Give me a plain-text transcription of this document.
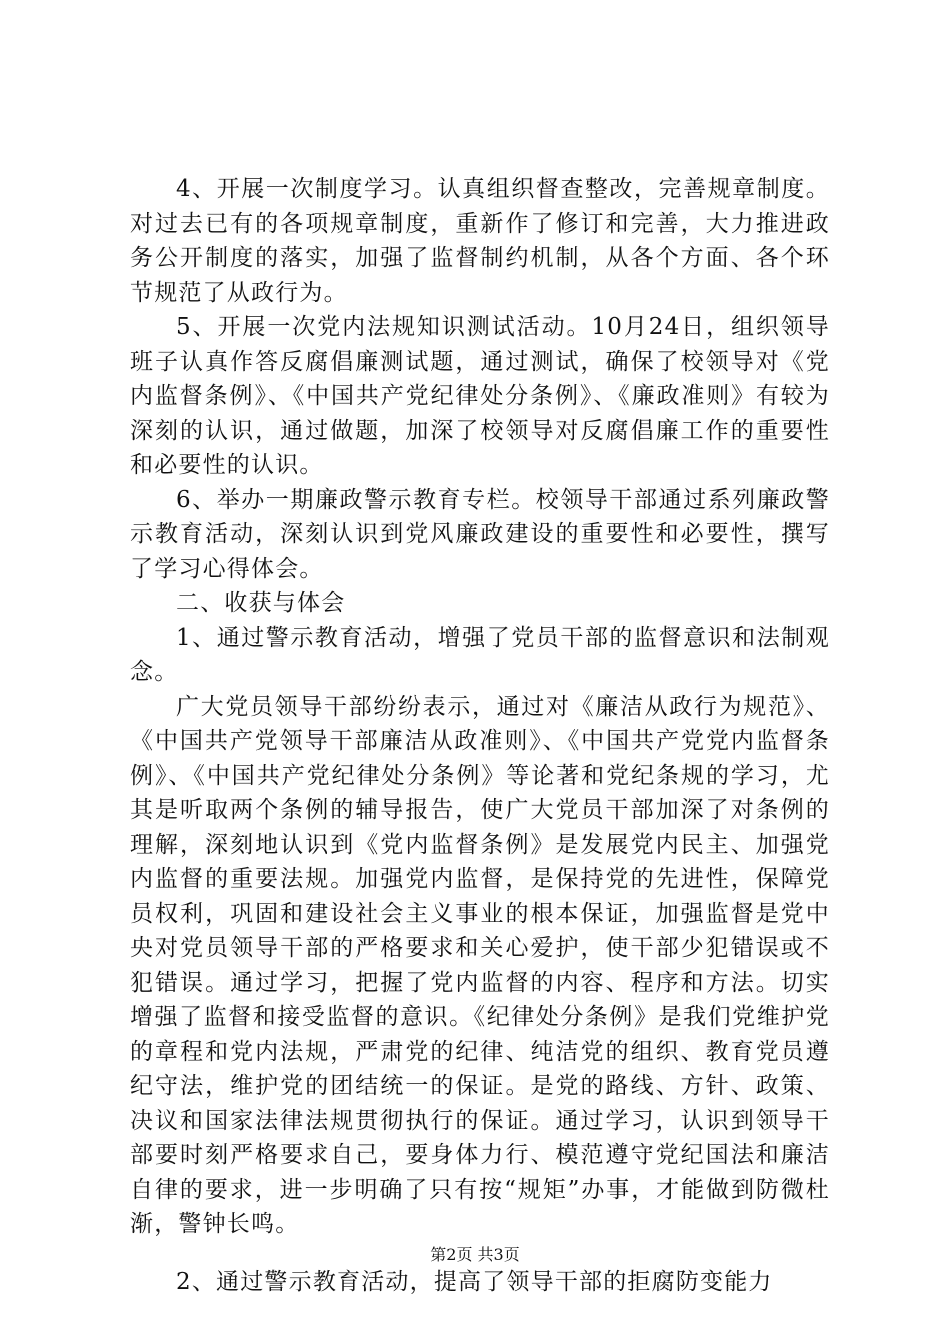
4、开展一次制度学习。认真组织督查整改，完善规章制度。对过去已有的各项规章制度，重新作了修订和完善，大力推进政务公开制度的落实，加强了监督制约机制，从各个方面、各个环节规范了从政行为。

5、开展一次党内法规知识测试活动。10月24日，组织领导班子认真作答反腐倡廉测试题，通过测试，确保了校领导对《党内监督条例》、《中国共产党纪律处分条例》、《廉政准则》有较为深刻的认识，通过做题，加深了校领导对反腐倡廉工作的重要性和必要性的认识。

6、举办一期廉政警示教育专栏。校领导干部通过系列廉政警示教育活动，深刻认识到党风廉政建设的重要性和必要性，撰写了学习心得体会。

二、收获与体会

1、通过警示教育活动，增强了党员干部的监督意识和法制观念。

广大党员领导干部纷纷表示，通过对《廉洁从政行为规范》、《中国共产党领导干部廉洁从政准则》、《中国共产党党内监督条例》、《中国共产党纪律处分条例》等论著和党纪条规的学习，尤其是听取两个条例的辅导报告，使广大党员干部加深了对条例的理解，深刻地认识到《党内监督条例》是发展党内民主、加强党内监督的重要法规。加强党内监督，是保持党的先进性，保障党员权利，巩固和建设社会主义事业的根本保证，加强监督是党中央对党员领导干部的严格要求和关心爱护，使干部少犯错误或不犯错误。通过学习，把握了党内监督的内容、程序和方法。切实增强了监督和接受监督的意识。《纪律处分条例》是我们党维护党的章程和党内法规，严肃党的纪律、纯洁党的组织、教育党员遵纪守法，维护党的团结统一的保证。是党的路线、方针、政策、决议和国家法律法规贯彻执行的保证。通过学习，认识到领导干部要时刻严格要求自己，要身体力行、模范遵守党纪国法和廉洁自律的要求，进一步明确了只有按“规矩”办事，才能做到防微杜渐，警钟长鸣。

2、通过警示教育活动，提高了领导干部的拒腐防变能力

第2页 共3页
